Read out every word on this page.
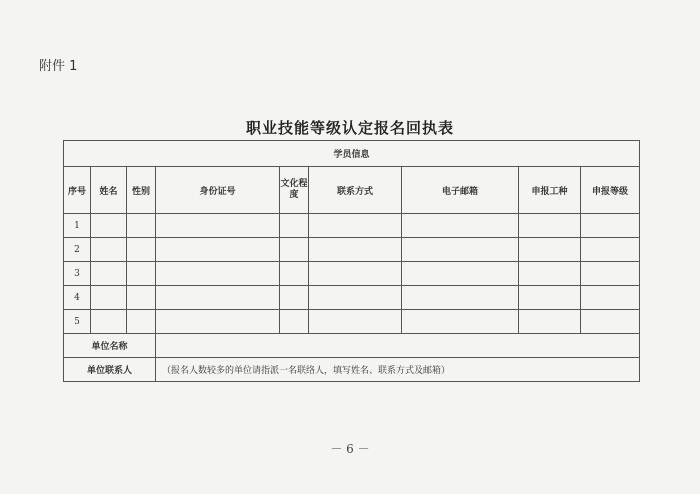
附件 1
职业技能等级认定报名回执表
学员信息								
序号	姓名	性别	身份证号	文化程度	联系方式	电子邮箱	申报工种	申报等级
1								
2								
3								
4								
5								
单位名称								
单位联系人			（报名人数较多的单位请指派一名联络人，填写姓名、联系方式及邮箱）					
－ 6 －
